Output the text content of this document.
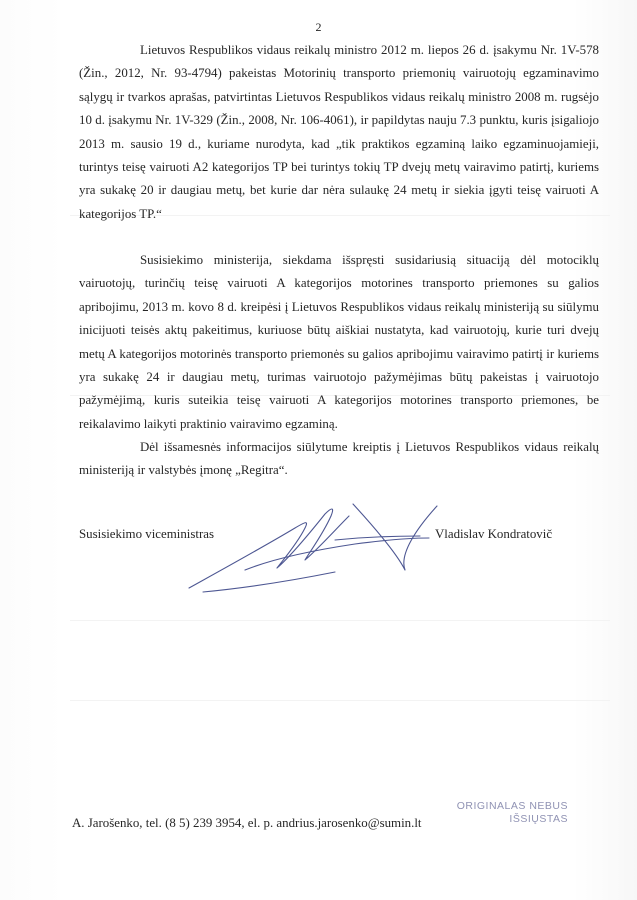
2

Lietuvos Respublikos vidaus reikalų ministro 2012 m. liepos 26 d. įsakymu Nr. 1V-578 (Žin., 2012, Nr. 93-4794) pakeistas Motorinių transporto priemonių vairuotojų egzaminavimo sąlygų ir tvarkos aprašas, patvirtintas Lietuvos Respublikos vidaus reikalų ministro 2008 m. rugsėjo 10 d. įsakymu Nr. 1V-329 (Žin., 2008, Nr. 106-4061), ir papildytas nauju 7.3 punktu, kuris įsigaliojo 2013 m. sausio 19 d., kuriame nurodyta, kad „tik praktikos egzaminą laiko egzaminuojamieji, turintys teisę vairuoti A2 kategorijos TP bei turintys tokių TP dvejų metų vairavimo patirtį, kuriems yra sukakę 20 ir daugiau metų, bet kurie dar nėra sulaukę 24 metų ir siekia įgyti teisę vairuoti A kategorijos TP.“

Susisiekimo ministerija, siekdama išspręsti susidariusią situaciją dėl motociklų vairuotojų, turinčių teisę vairuoti A kategorijos motorines transporto priemones su galios apribojimu, 2013 m. kovo 8 d. kreipėsi į Lietuvos Respublikos vidaus reikalų ministeriją su siūlymu inicijuoti teisės aktų pakeitimus, kuriuose būtų aiškiai nustatyta, kad vairuotojų, kurie turi dvejų metų A kategorijos motorinės transporto priemonės su galios apribojimu vairavimo patirtį ir kuriems yra sukakę 24 ir daugiau metų, turimas vairuotojo pažymėjimas būtų pakeistas į vairuotojo pažymėjimą, kuris suteikia teisę vairuoti A kategorijos motorines transporto priemones, be reikalavimo laikyti praktinio vairavimo egzaminą.

Dėl išsamesnės informacijos siūlytume kreiptis į Lietuvos Respublikos vidaus reikalų ministeriją ir valstybės įmonę „Regitra“.

Susisiekimo viceministras	Vladislav Kondratovič
ORIGINALAS NEBUS
IŠSIŲSTAS
A. Jarošenko, tel. (8 5) 239 3954, el. p. andrius.jarosenko@sumin.lt
